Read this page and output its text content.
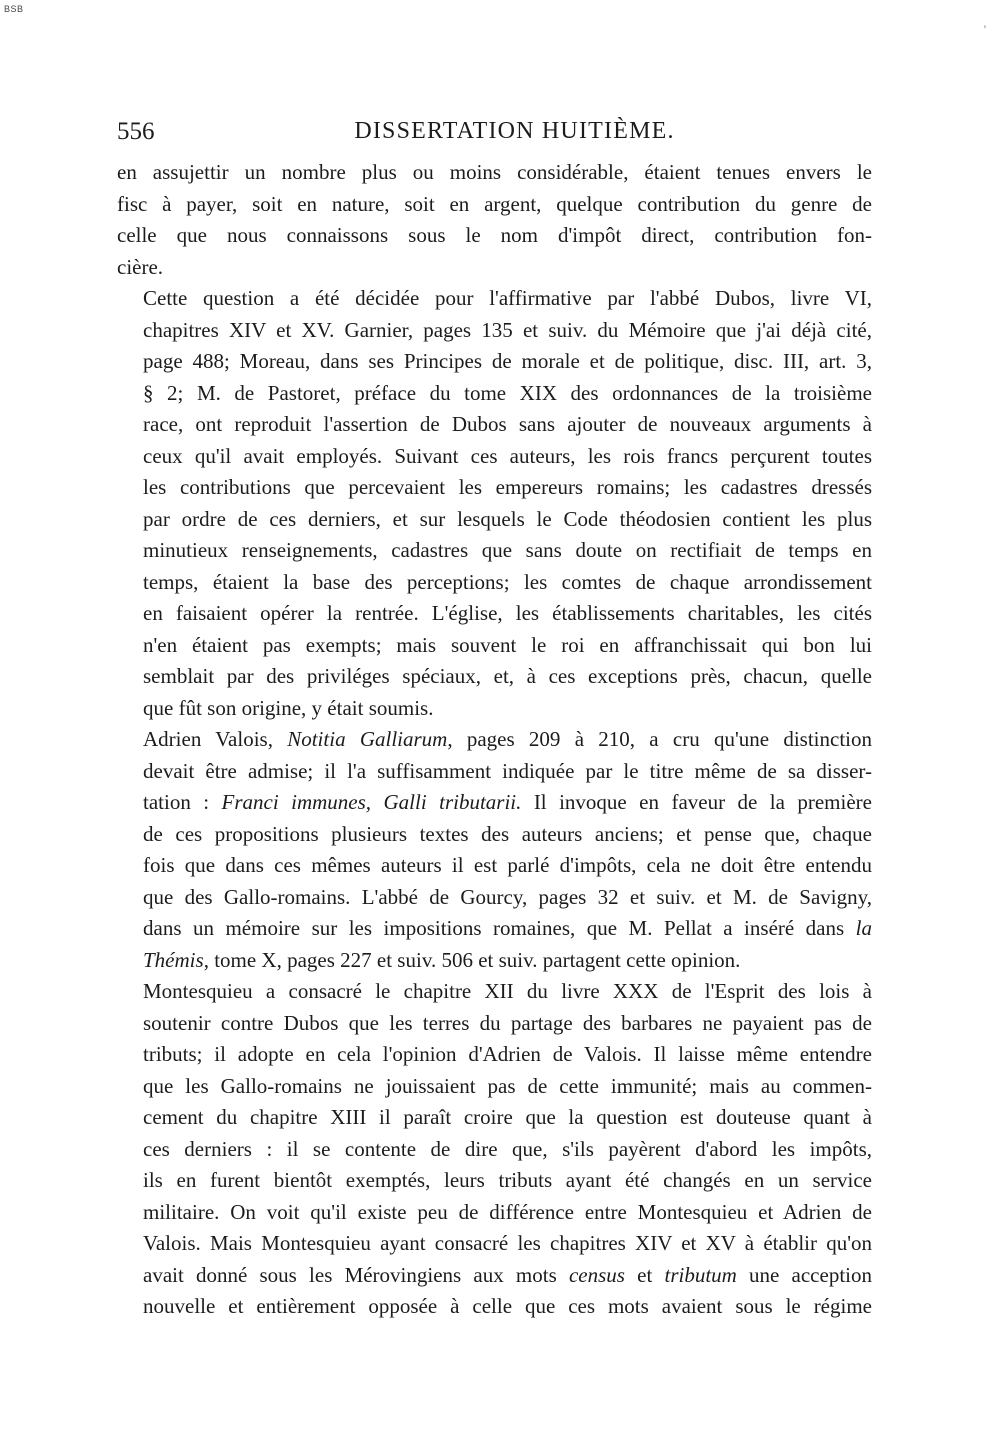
BSB
'
556	DISSERTATION HUITIÈME.
en assujettir un nombre plus ou moins considérable, étaient tenues envers le
fisc à payer, soit en nature, soit en argent, quelque contribution du genre de
celle que nous connaissons sous le nom d'impôt direct, contribution fon-
cière.
Cette question a été décidée pour l'affirmative par l'abbé Dubos, livre VI,
chapitres XIV et XV. Garnier, pages 135 et suiv. du Mémoire que j'ai déjà cité,
page 488; Moreau, dans ses Principes de morale et de politique, disc. III, art. 3,
§ 2; M. de Pastoret, préface du tome XIX des ordonnances de la troisième
race, ont reproduit l'assertion de Dubos sans ajouter de nouveaux arguments à
ceux qu'il avait employés. Suivant ces auteurs, les rois francs perçurent toutes
les contributions que percevaient les empereurs romains; les cadastres dressés
par ordre de ces derniers, et sur lesquels le Code théodosien contient les plus
minutieux renseignements, cadastres que sans doute on rectifiait de temps en
temps, étaient la base des perceptions; les comtes de chaque arrondissement
en faisaient opérer la rentrée. L'église, les établissements charitables, les cités
n'en étaient pas exempts; mais souvent le roi en affranchissait qui bon lui
semblait par des priviléges spéciaux, et, à ces exceptions près, chacun, quelle
que fût son origine, y était soumis.
Adrien Valois, Notitia Galliarum, pages 209 à 210, a cru qu'une distinction
devait être admise; il l'a suffisamment indiquée par le titre même de sa disser-
tation : Franci immunes, Galli tributarii. Il invoque en faveur de la première
de ces propositions plusieurs textes des auteurs anciens; et pense que, chaque
fois que dans ces mêmes auteurs il est parlé d'impôts, cela ne doit être entendu
que des Gallo-romains. L'abbé de Gourcy, pages 32 et suiv. et M. de Savigny,
dans un mémoire sur les impositions romaines, que M. Pellat a inséré dans la
Thémis, tome X, pages 227 et suiv. 506 et suiv. partagent cette opinion.
Montesquieu a consacré le chapitre XII du livre XXX de l'Esprit des lois à
soutenir contre Dubos que les terres du partage des barbares ne payaient pas de
tributs; il adopte en cela l'opinion d'Adrien de Valois. Il laisse même entendre
que les Gallo-romains ne jouissaient pas de cette immunité; mais au commen-
cement du chapitre XIII il paraît croire que la question est douteuse quant à
ces derniers : il se contente de dire que, s'ils payèrent d'abord les impôts,
ils en furent bientôt exemptés, leurs tributs ayant été changés en un service
militaire. On voit qu'il existe peu de différence entre Montesquieu et Adrien de
Valois. Mais Montesquieu ayant consacré les chapitres XIV et XV à établir qu'on
avait donné sous les Mérovingiens aux mots census et tributum une acception
nouvelle et entièrement opposée à celle que ces mots avaient sous le régime
